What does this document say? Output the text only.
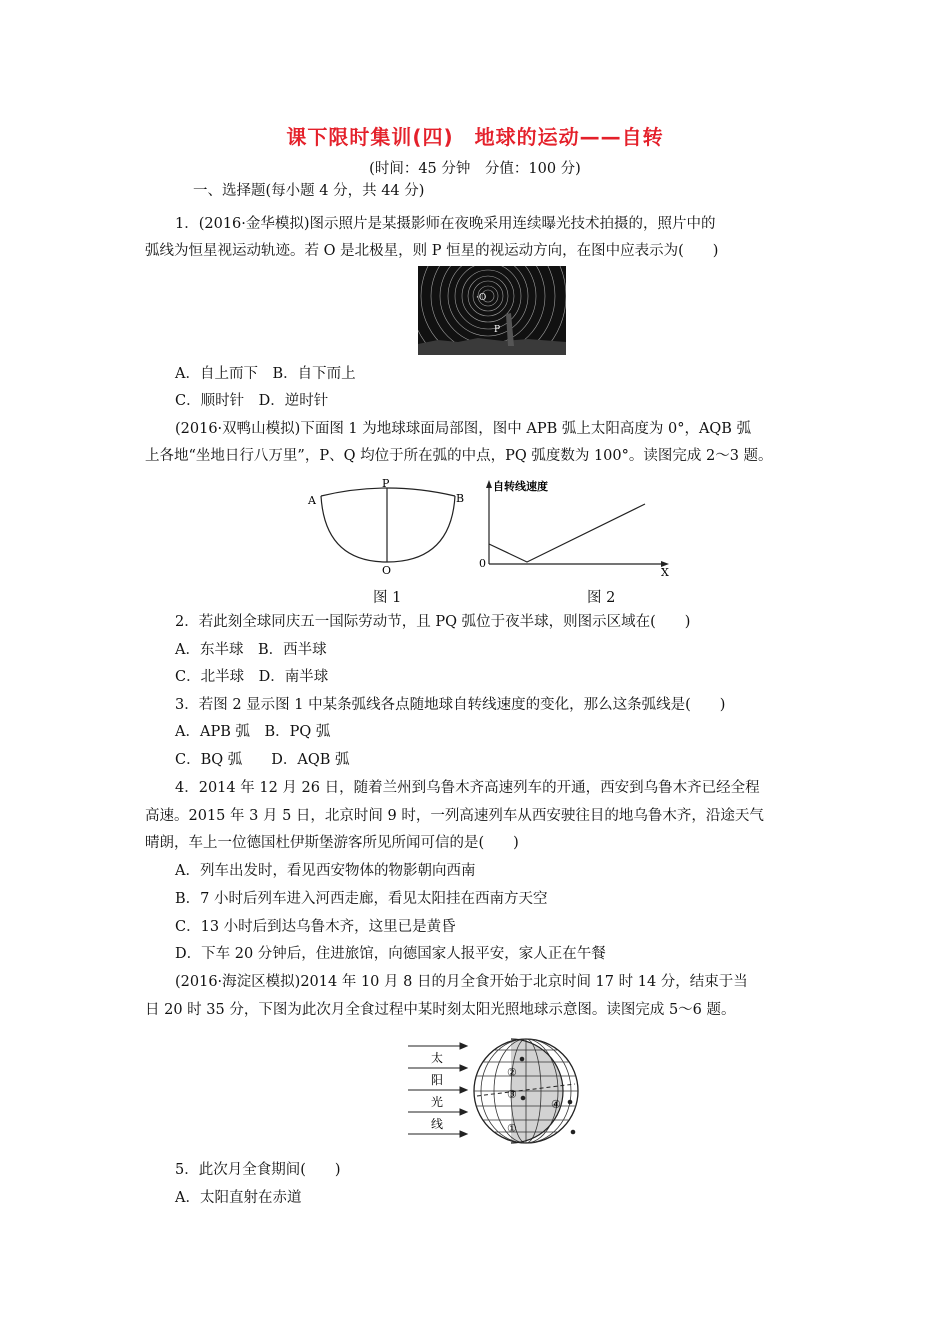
课下限时集训(四)　地球的运动——自转
(时间：45 分钟　分值：100 分)
一、选择题(每小题 4 分，共 44 分)
1．(2016·金华模拟)图示照片是某摄影师在夜晚采用连续曝光技术拍摄的，照片中的
弧线为恒星视运动轨迹。若 O 是北极星，则 P 恒星的视运动方向，在图中应表示为(　　)
·O
P
A．自上而下　B．自下而上
C．顺时针　D．逆时针
(2016·双鸭山模拟)下面图 1 为地球球面局部图，图中 APB 弧上太阳高度为 0°，AQB 弧
上各地“坐地日行八万里”，P、Q 均位于所在弧的中点，PQ 弧度数为 100°。读图完成 2～3 题。
A
P
B
Q
图 1
自转线速度
0
X
图 2
2．若此刻全球同庆五一国际劳动节，且 PQ 弧位于夜半球，则图示区域在(　　)
A．东半球　B．西半球
C．北半球　D．南半球
3．若图 2 显示图 1 中某条弧线各点随地球自转线速度的变化，那么这条弧线是(　　)
A．APB 弧　B．PQ 弧
C．BQ 弧　　D．AQB 弧
4．2014 年 12 月 26 日，随着兰州到乌鲁木齐高速列车的开通，西安到乌鲁木齐已经全程
高速。2015 年 3 月 5 日，北京时间 9 时，一列高速列车从西安驶往目的地乌鲁木齐，沿途天气
晴朗，车上一位德国杜伊斯堡游客所见所闻可信的是(　　)
A．列车出发时，看见西安物体的物影朝向西南
B．7 小时后列车进入河西走廊，看见太阳挂在西南方天空
C．13 小时后到达乌鲁木齐，这里已是黄昏
D．下车 20 分钟后，住进旅馆，向德国家人报平安，家人正在午餐
(2016·海淀区模拟)2014 年 10 月 8 日的月全食开始于北京时间 17 时 14 分，结束于当
日 20 时 35 分，下图为此次月全食过程中某时刻太阳光照地球示意图。读图完成 5～6 题。
太
阳
光
线	①
②
③
④
5．此次月全食期间(　　)
A．太阳直射在赤道
